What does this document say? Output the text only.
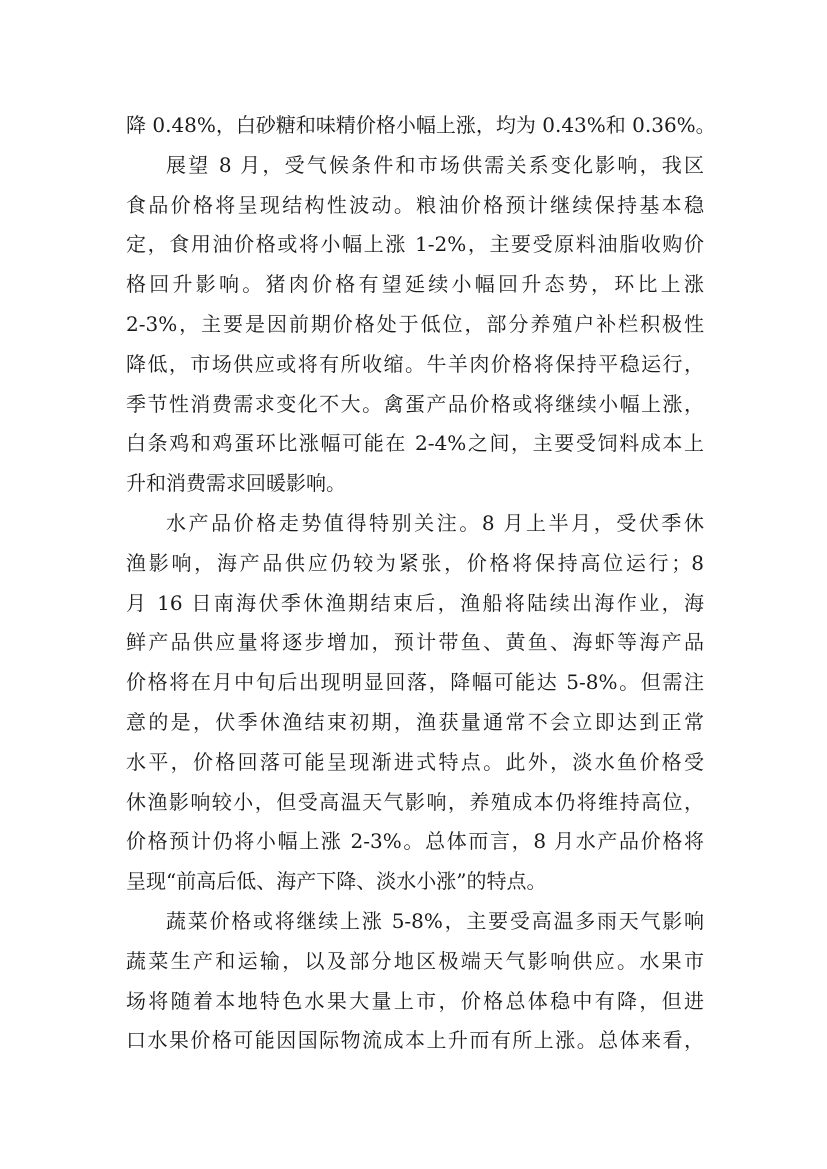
降 0.48%，白砂糖和味精价格小幅上涨，均为 0.43%和 0.36%。
展望 8 月，受气候条件和市场供需关系变化影响，我区
食品价格将呈现结构性波动。粮油价格预计继续保持基本稳
定，食用油价格或将小幅上涨 1-2%，主要受原料油脂收购价
格回升影响。猪肉价格有望延续小幅回升态势，环比上涨
2-3%，主要是因前期价格处于低位，部分养殖户补栏积极性
降低，市场供应或将有所收缩。牛羊肉价格将保持平稳运行，
季节性消费需求变化不大。禽蛋产品价格或将继续小幅上涨，
白条鸡和鸡蛋环比涨幅可能在 2-4%之间，主要受饲料成本上
升和消费需求回暖影响。
水产品价格走势值得特别关注。8 月上半月，受伏季休
渔影响，海产品供应仍较为紧张，价格将保持高位运行；8
月 16 日南海伏季休渔期结束后，渔船将陆续出海作业，海
鲜产品供应量将逐步增加，预计带鱼、黄鱼、海虾等海产品
价格将在月中旬后出现明显回落，降幅可能达 5-8%。但需注
意的是，伏季休渔结束初期，渔获量通常不会立即达到正常
水平，价格回落可能呈现渐进式特点。此外，淡水鱼价格受
休渔影响较小，但受高温天气影响，养殖成本仍将维持高位，
价格预计仍将小幅上涨 2-3%。总体而言，8 月水产品价格将
呈现“前高后低、海产下降、淡水小涨”的特点。
蔬菜价格或将继续上涨 5-8%，主要受高温多雨天气影响
蔬菜生产和运输，以及部分地区极端天气影响供应。水果市
场将随着本地特色水果大量上市，价格总体稳中有降，但进
口水果价格可能因国际物流成本上升而有所上涨。总体来看，
